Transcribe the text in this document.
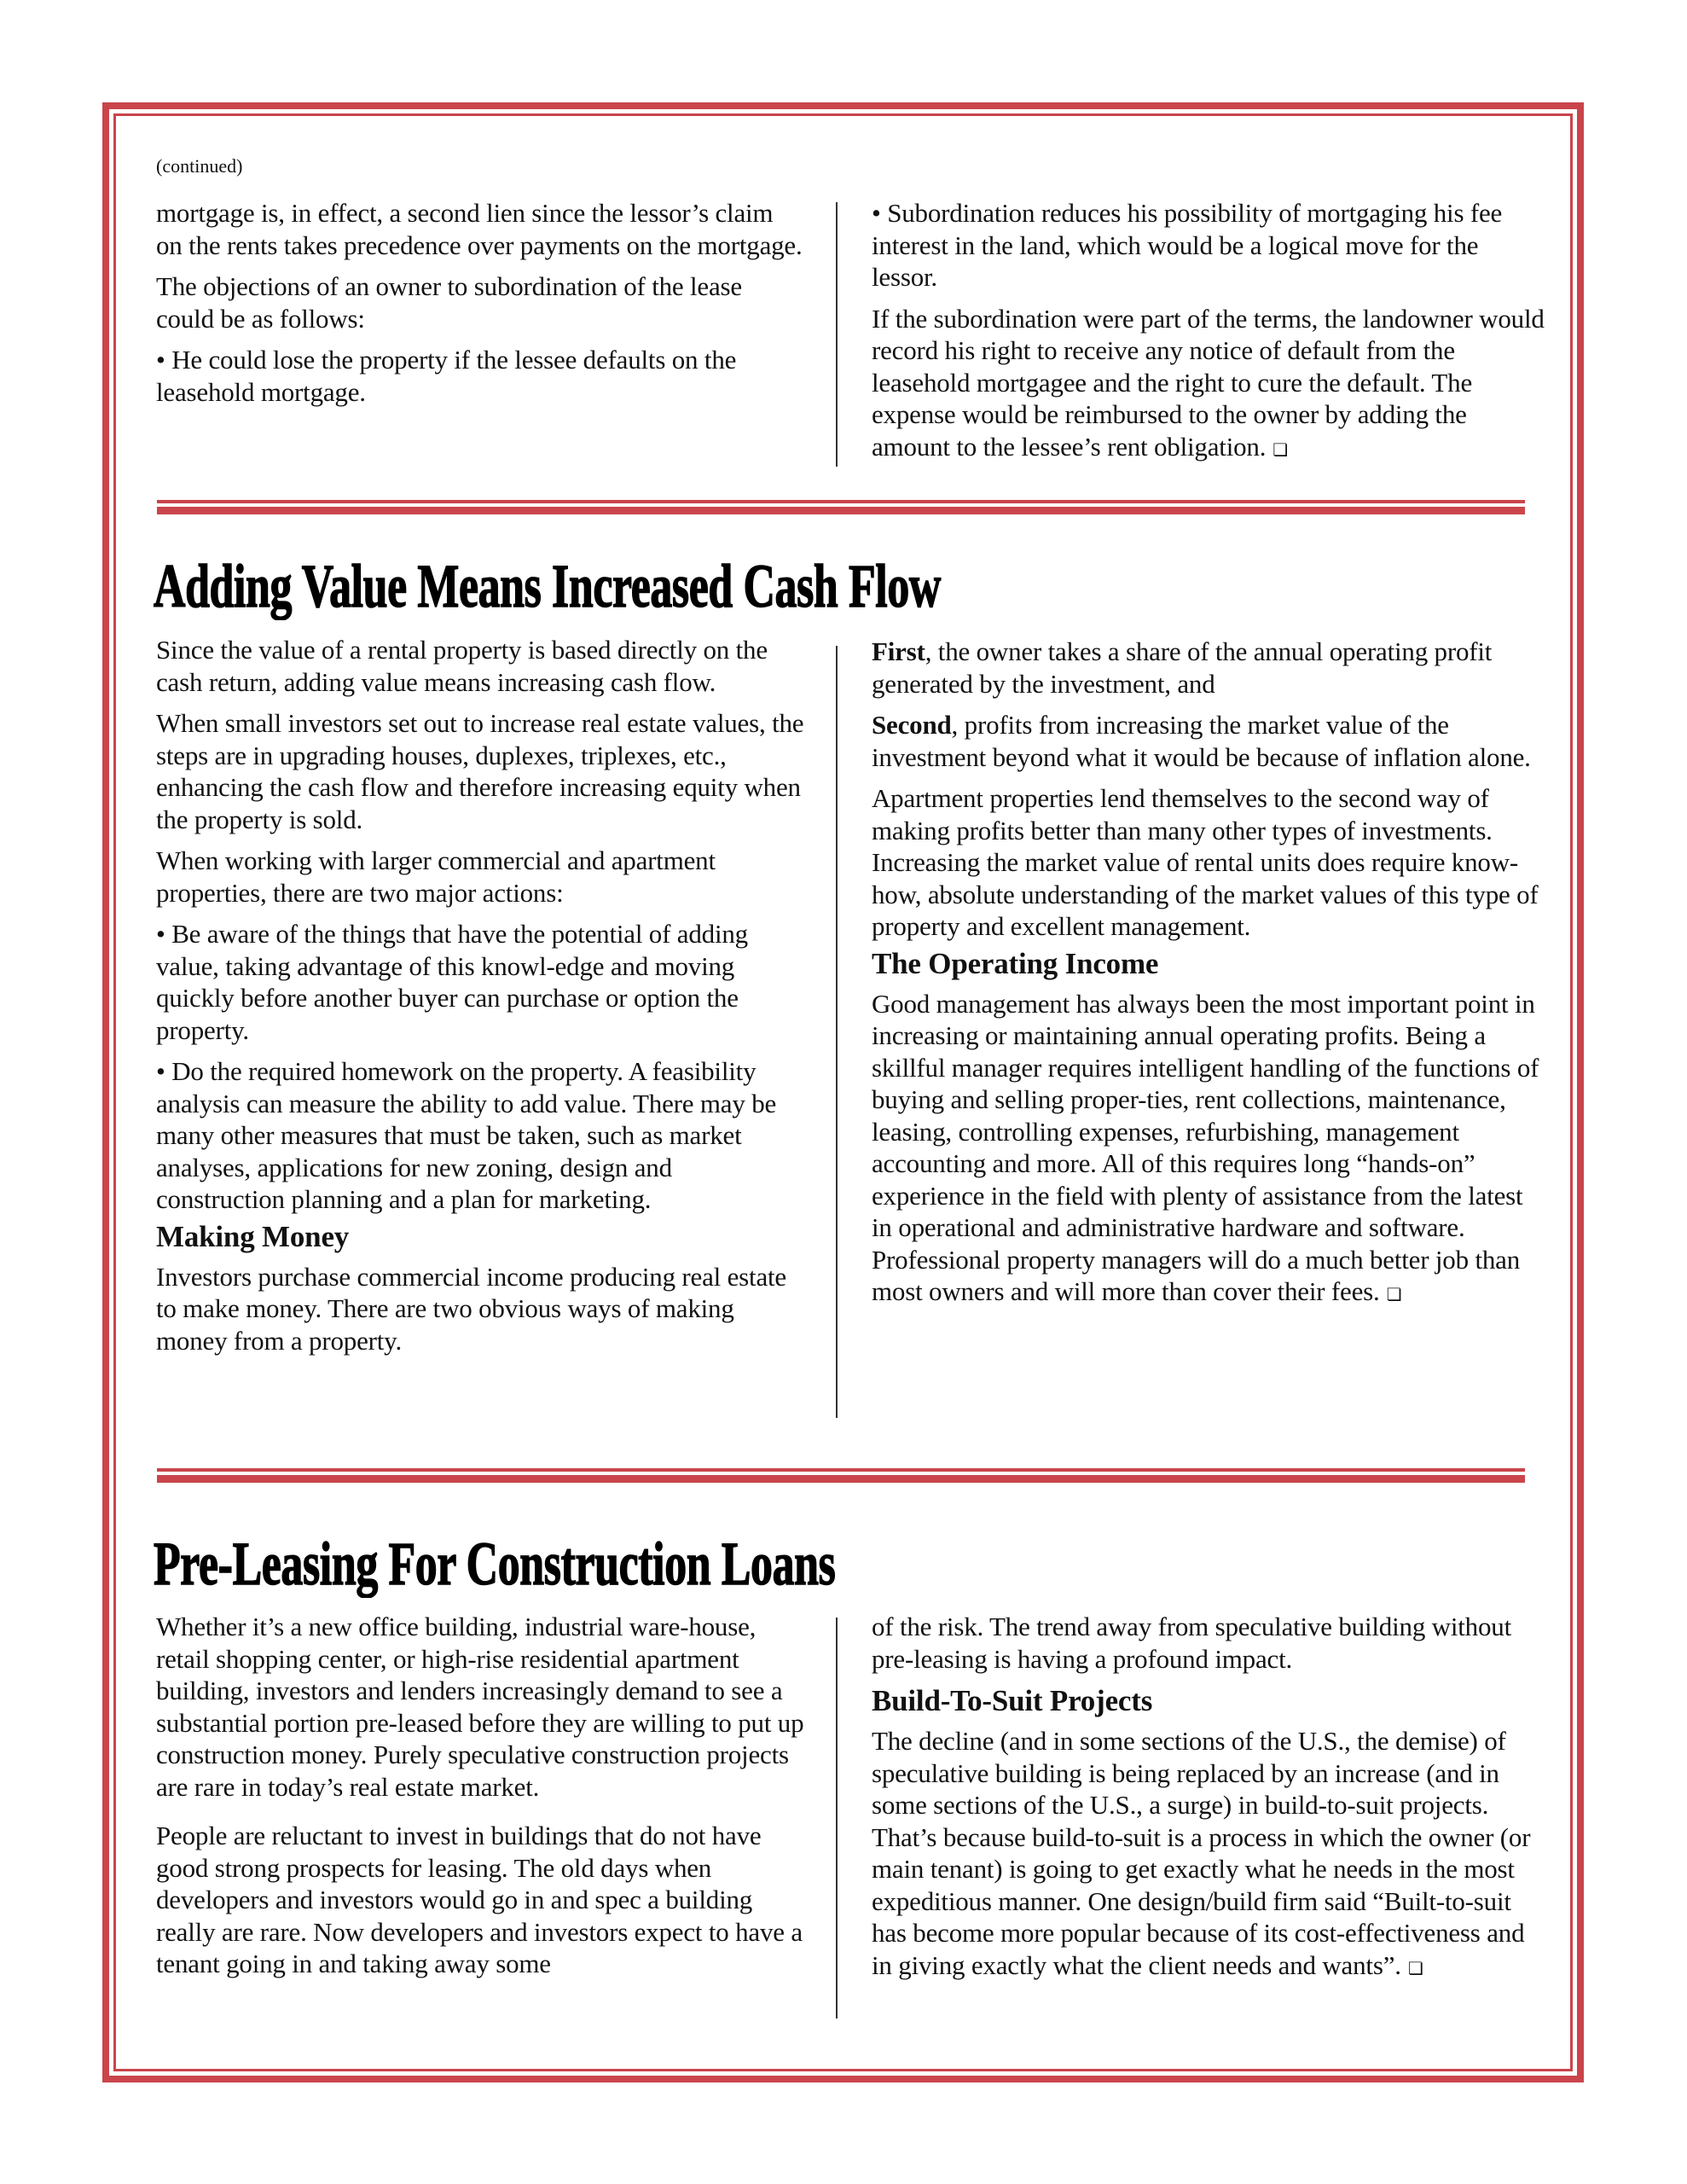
(continued)

mortgage is, in effect, a second lien since the lessor’s claim on the rents takes precedence over payments on the mortgage.

The objections of an owner to subordination of the lease could be as follows:

• He could lose the property if the lessee defaults on the leasehold mortgage.

• Subordination reduces his possibility of mortgaging his fee interest in the land, which would be a logical move for the lessor.

If the subordination were part of the terms, the landowner would record his right to receive any notice of default from the leasehold mortgagee and the right to cure the default. The expense would be reimbursed to the owner by adding the amount to the lessee’s rent obligation. ❏

Adding Value Means Increased Cash Flow

Since the value of a rental property is based directly on the cash return, adding value means increasing cash flow.

When small investors set out to increase real estate values, the steps are in upgrading houses, duplexes, triplexes, etc., enhancing the cash flow and therefore increasing equity when the property is sold.

When working with larger commercial and apartment properties, there are two major actions:

• Be aware of the things that have the potential of adding value, taking advantage of this knowl-edge and moving quickly before another buyer can purchase or option the property.

• Do the required homework on the property. A feasibility analysis can measure the ability to add value. There may be many other measures that must be taken, such as market analyses, applications for new zoning, design and construction planning and a plan for marketing.

Making Money

Investors purchase commercial income producing real estate to make money. There are two obvious ways of making money from a property.

First, the owner takes a share of the annual operating profit generated by the investment, and

Second, profits from increasing the market value of the investment beyond what it would be because of inflation alone.

Apartment properties lend themselves to the second way of making profits better than many other types of investments. Increasing the market value of rental units does require know-how, absolute understanding of the market values of this type of property and excellent management.

The Operating Income

Good management has always been the most important point in increasing or maintaining annual operating profits. Being a skillful manager requires intelligent handling of the functions of buying and selling proper-ties, rent collections, maintenance, leasing, controlling expenses, refurbishing, management accounting and more. All of this requires long “hands-on” experience in the field with plenty of assistance from the latest in operational and administrative hardware and software. Professional property managers will do a much better job than most owners and will more than cover their fees. ❏

Pre-Leasing For Construction Loans

Whether it’s a new office building, industrial ware-house, retail shopping center, or high-rise residential apartment building, investors and lenders increasingly demand to see a substantial portion pre-leased before they are willing to put up construction money. Purely speculative construction projects are rare in today’s real estate market.

People are reluctant to invest in buildings that do not have good strong prospects for leasing. The old days when developers and investors would go in and spec a building really are rare. Now developers and investors expect to have a tenant going in and taking away some

of the risk. The trend away from speculative building without pre-leasing is having a profound impact.

Build-To-Suit Projects

The decline (and in some sections of the U.S., the demise) of speculative building is being replaced by an increase (and in some sections of the U.S., a surge) in build-to-suit projects. That’s because build-to-suit is a process in which the owner (or main tenant) is going to get exactly what he needs in the most expeditious manner. One design/build firm said “Built-to-suit has become more popular because of its cost-effectiveness and in giving exactly what the client needs and wants”. ❏
